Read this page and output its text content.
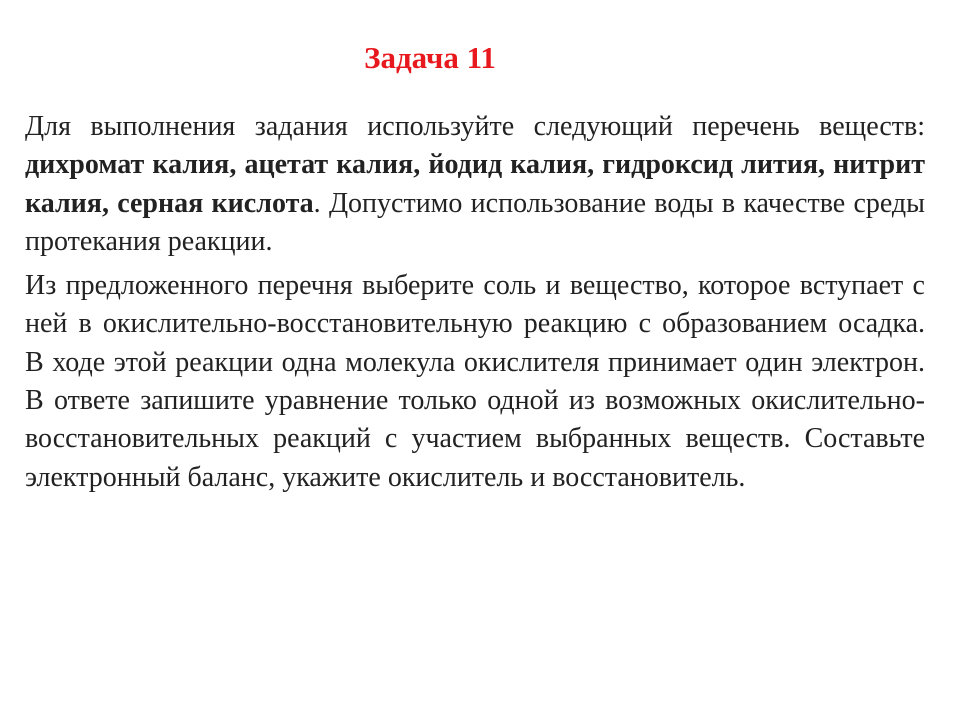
Задача 11

Для выполнения задания используйте следующий перечень веществ: дихромат калия, ацетат калия, йодид калия, гидроксид лития, нитрит калия, серная кислота. Допустимо использование воды в качестве среды протекания реакции.

Из предложенного перечня выберите соль и вещество, которое вступает с ней в окислительно-восстановительную реакцию с образованием осадка. В ходе этой реакции одна молекула окислителя принимает один электрон. В ответе запишите уравнение только одной из возможных окислительно-восстановительных реакций с участием выбранных веществ. Составьте электронный баланс, укажите окислитель и восстановитель.
